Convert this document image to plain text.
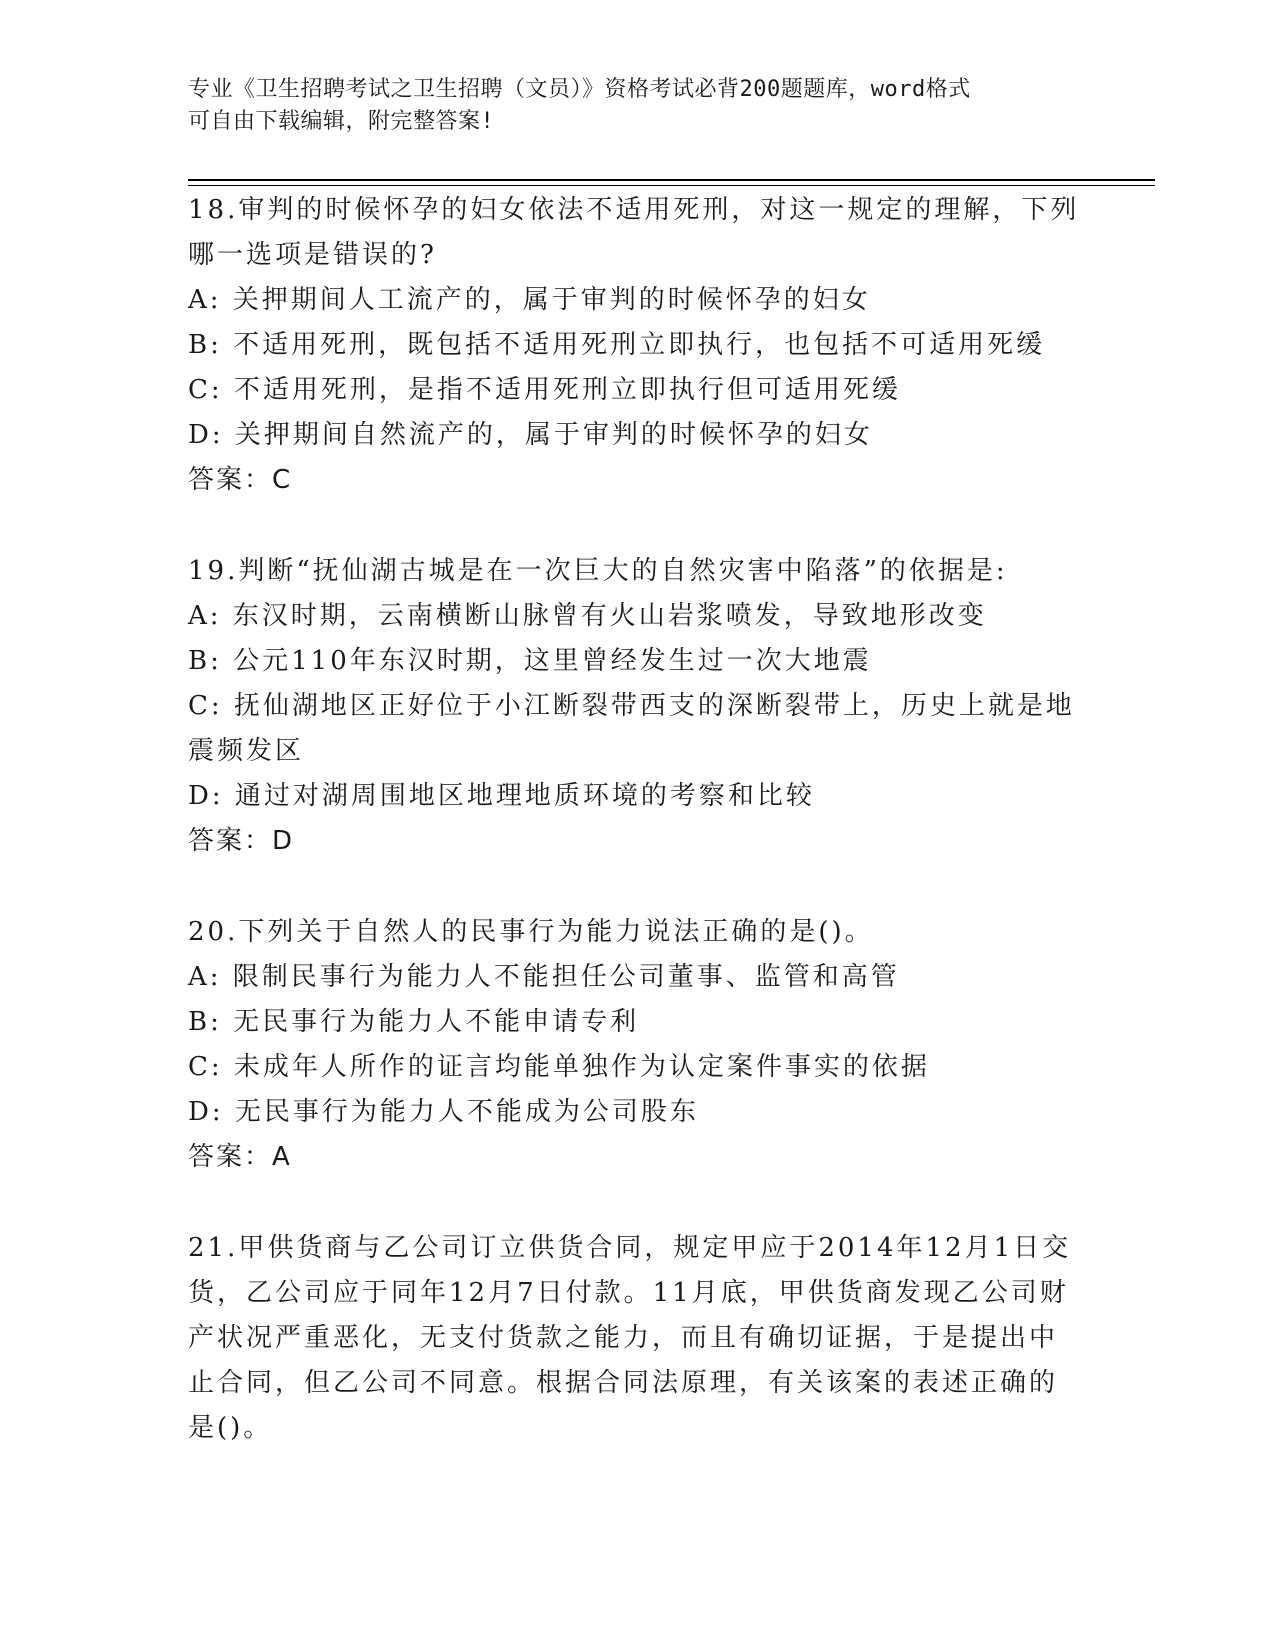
专业《卫生招聘考试之卫生招聘（文员）》资格考试必背200题题库，word格式
可自由下载编辑，附完整答案!
18.审判的时候怀孕的妇女依法不适用死刑，对这一规定的理解，下列
哪一选项是错误的?
A: 关押期间人工流产的，属于审判的时候怀孕的妇女
B: 不适用死刑，既包括不适用死刑立即执行，也包括不可适用死缓
C: 不适用死刑，是指不适用死刑立即执行但可适用死缓
D: 关押期间自然流产的，属于审判的时候怀孕的妇女
答案：C
19.判断“抚仙湖古城是在一次巨大的自然灾害中陷落”的依据是:
A: 东汉时期，云南横断山脉曾有火山岩浆喷发，导致地形改变
B: 公元110年东汉时期，这里曾经发生过一次大地震
C: 抚仙湖地区正好位于小江断裂带西支的深断裂带上，历史上就是地
震频发区
D: 通过对湖周围地区地理地质环境的考察和比较
答案：D
20.下列关于自然人的民事行为能力说法正确的是()。
A: 限制民事行为能力人不能担任公司董事、监管和高管
B: 无民事行为能力人不能申请专利
C: 未成年人所作的证言均能单独作为认定案件事实的依据
D: 无民事行为能力人不能成为公司股东
答案：A
21.甲供货商与乙公司订立供货合同，规定甲应于2014年12月1日交
货，乙公司应于同年12月7日付款。11月底，甲供货商发现乙公司财
产状况严重恶化，无支付货款之能力，而且有确切证据，于是提出中
止合同，但乙公司不同意。根据合同法原理，有关该案的表述正确的
是()。
